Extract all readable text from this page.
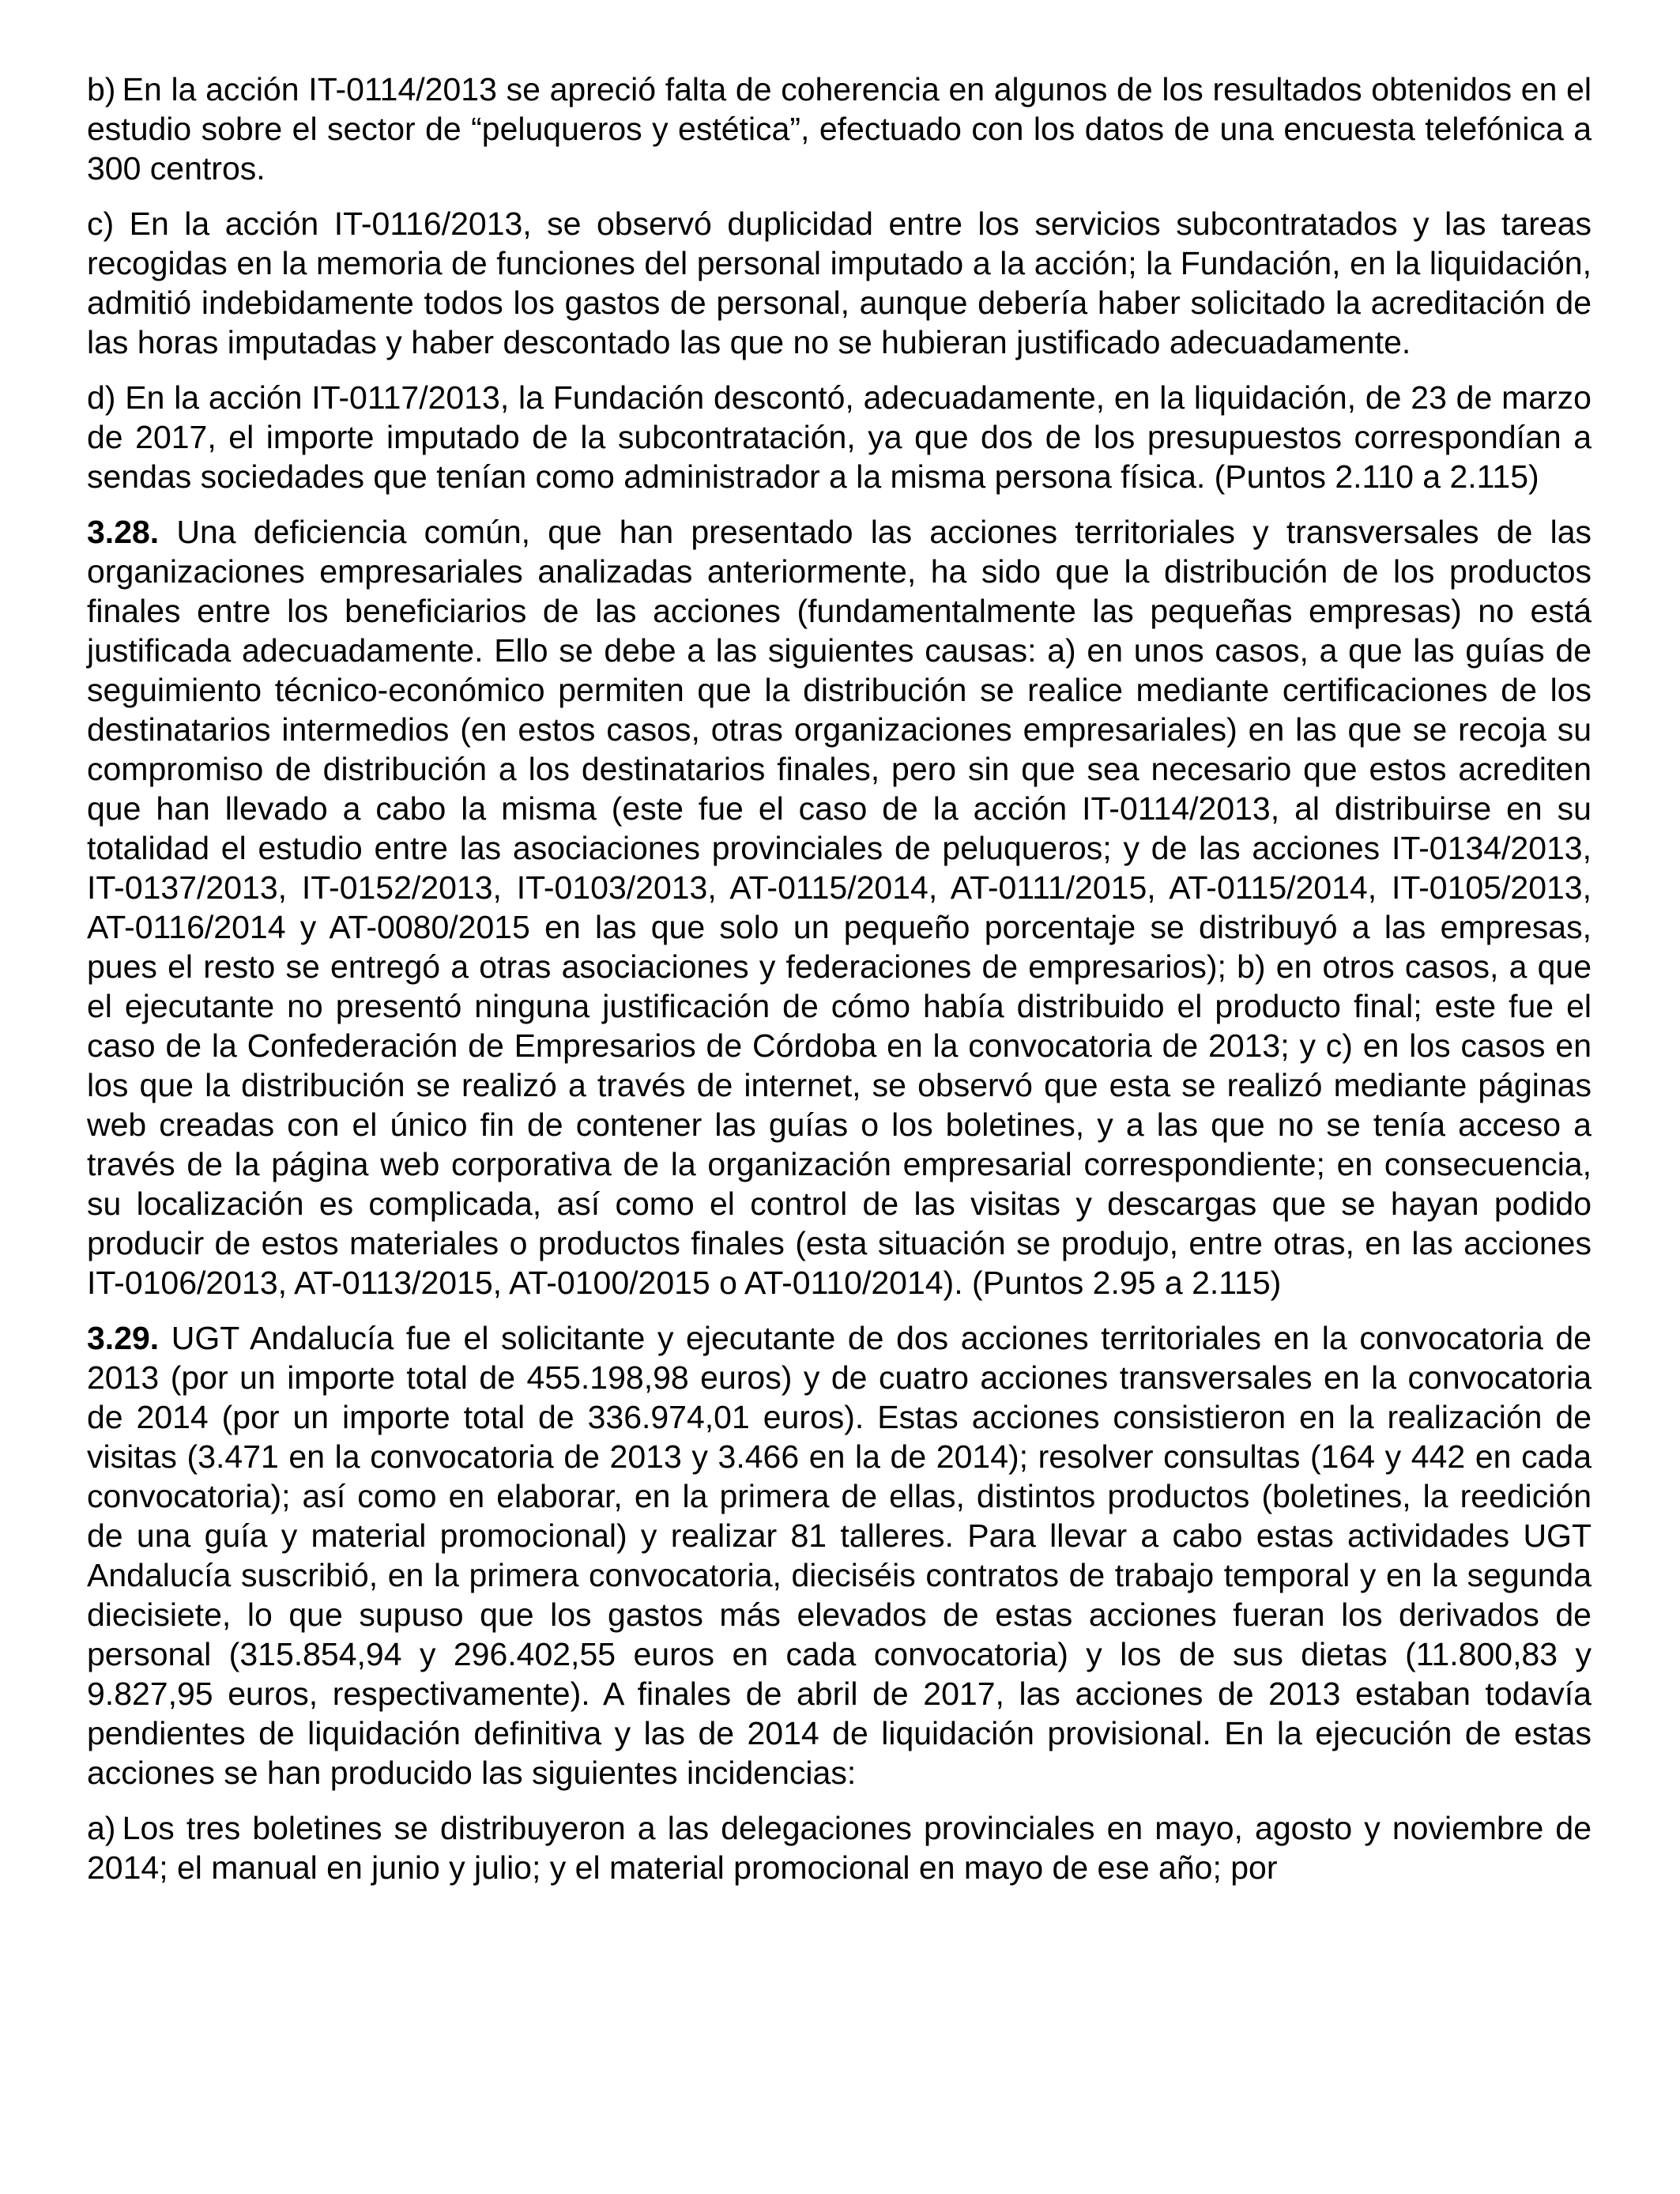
b) En la acción IT-0114/2013 se apreció falta de coherencia en algunos de los resultados obtenidos en el estudio sobre el sector de “peluqueros y estética”, efectuado con los datos de una encuesta telefónica a 300 centros.

c) En la acción IT-0116/2013, se observó duplicidad entre los servicios subcontratados y las tareas recogidas en la memoria de funciones del personal imputado a la acción; la Fundación, en la liquidación, admitió indebidamente todos los gastos de personal, aunque debería haber solicitado la acreditación de las horas imputadas y haber descontado las que no se hubieran justificado adecuadamente.

d) En la acción IT-0117/2013, la Fundación descontó, adecuadamente, en la liquidación, de 23 de marzo de 2017, el importe imputado de la subcontratación, ya que dos de los presupuestos correspondían a sendas sociedades que tenían como administrador a la misma persona física. (Puntos 2.110 a 2.115)

3.28. Una deficiencia común, que han presentado las acciones territoriales y transversales de las organizaciones empresariales analizadas anteriormente, ha sido que la distribución de los productos finales entre los beneficiarios de las acciones (fundamentalmente las pequeñas empresas) no está justificada adecuadamente. Ello se debe a las siguientes causas: a) en unos casos, a que las guías de seguimiento técnico-económico permiten que la distribución se realice mediante certificaciones de los destinatarios intermedios (en estos casos, otras organizaciones empresariales) en las que se recoja su compromiso de distribución a los destinatarios finales, pero sin que sea necesario que estos acrediten que han llevado a cabo la misma (este fue el caso de la acción IT-0114/2013, al distribuirse en su totalidad el estudio entre las asociaciones provinciales de peluqueros; y de las acciones IT-0134/2013, IT-0137/2013, IT-0152/2013, IT-0103/2013, AT-0115/2014, AT-0111/2015, AT-0115/2014, IT-0105/2013, AT-0116/2014 y AT-0080/2015 en las que solo un pequeño porcentaje se distribuyó a las empresas, pues el resto se entregó a otras asociaciones y federaciones de empresarios); b) en otros casos, a que el ejecutante no presentó ninguna justificación de cómo había distribuido el producto final; este fue el caso de la Confederación de Empresarios de Córdoba en la convocatoria de 2013; y c) en los casos en los que la distribución se realizó a través de internet, se observó que esta se realizó mediante páginas web creadas con el único fin de contener las guías o los boletines, y a las que no se tenía acceso a través de la página web corporativa de la organización empresarial correspondiente; en consecuencia, su localización es complicada, así como el control de las visitas y descargas que se hayan podido producir de estos materiales o productos finales (esta situación se produjo, entre otras, en las acciones IT-0106/2013, AT-0113/2015, AT-0100/2015 o AT-0110/2014). (Puntos 2.95 a 2.115)

3.29. UGT Andalucía fue el solicitante y ejecutante de dos acciones territoriales en la convocatoria de 2013 (por un importe total de 455.198,98 euros) y de cuatro acciones transversales en la convocatoria de 2014 (por un importe total de 336.974,01 euros). Estas acciones consistieron en la realización de visitas (3.471 en la convocatoria de 2013 y 3.466 en la de 2014); resolver consultas (164 y 442 en cada convocatoria); así como en elaborar, en la primera de ellas, distintos productos (boletines, la reedición de una guía y material promocional) y realizar 81 talleres. Para llevar a cabo estas actividades UGT Andalucía suscribió, en la primera convocatoria, dieciséis contratos de trabajo temporal y en la segunda diecisiete, lo que supuso que los gastos más elevados de estas acciones fueran los derivados de personal (315.854,94 y 296.402,55 euros en cada convocatoria) y los de sus dietas (11.800,83 y 9.827,95 euros, respectivamente). A finales de abril de 2017, las acciones de 2013 estaban todavía pendientes de liquidación definitiva y las de 2014 de liquidación provisional. En la ejecución de estas acciones se han producido las siguientes incidencias:

a) Los tres boletines se distribuyeron a las delegaciones provinciales en mayo, agosto y noviembre de 2014; el manual en junio y julio; y el material promocional en mayo de ese año; por
